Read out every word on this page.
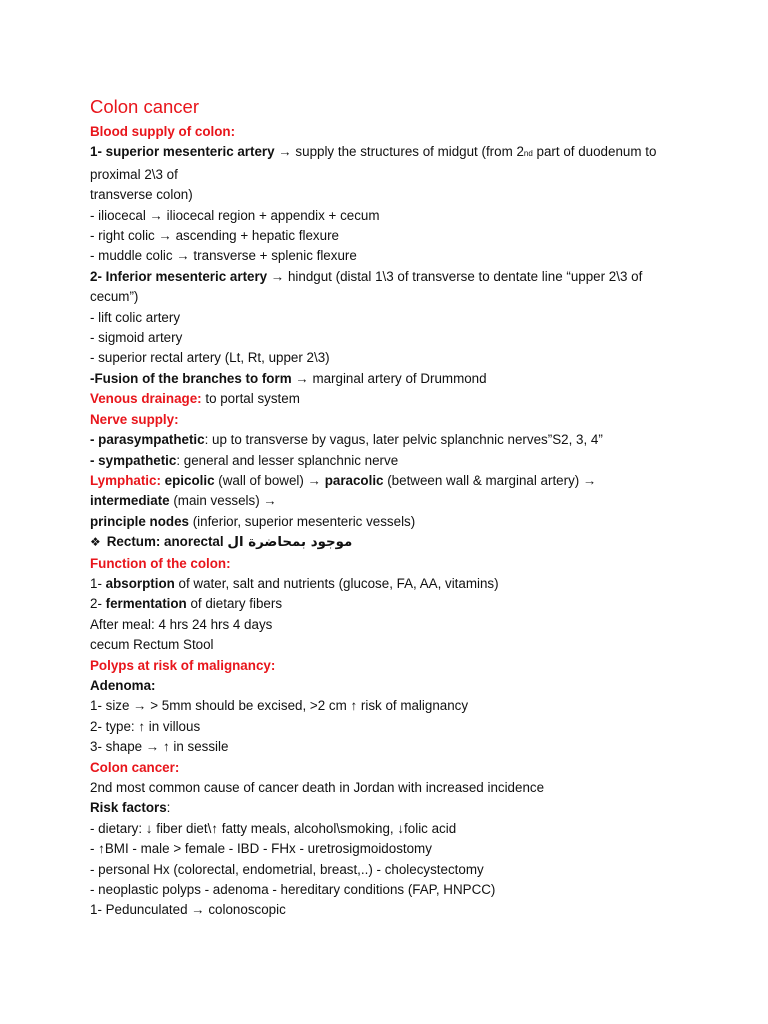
Colon cancer
Blood supply of colon:
1- superior mesenteric artery → supply the structures of midgut (from 2nd part of duodenum to
proximal 2\3 of
transverse colon)
- iliocecal → iliocecal region + appendix + cecum
- right colic → ascending + hepatic flexure
- muddle colic → transverse + splenic flexure
2- Inferior mesenteric artery → hindgut (distal 1\3 of transverse to dentate line “upper 2\3 of
cecum”)
- lift colic artery
- sigmoid artery
- superior rectal artery (Lt, Rt, upper 2\3)
-Fusion of the branches to form → marginal artery of Drummond
Venous drainage: to portal system
Nerve supply:
- parasympathetic: up to transverse by vagus, later pelvic splanchnic nerves”S2, 3, 4”
- sympathetic: general and lesser splanchnic nerve
Lymphatic: epicolic (wall of bowel) → paracolic (between wall & marginal artery) →
intermediate (main vessels) →
principle nodes (inferior, superior mesenteric vessels)
❖ Rectum: anorectal موجود بمحاضرة ال
Function of the colon:
1- absorption of water, salt and nutrients (glucose, FA, AA, vitamins)
2- fermentation of dietary fibers
After meal: 4 hrs 24 hrs 4 days
cecum Rectum Stool
Polyps at risk of malignancy:
Adenoma:
1- size → > 5mm should be excised, >2 cm ↑ risk of malignancy
2- type: ↑ in villous
3- shape → ↑ in sessile
Colon cancer:
2nd most common cause of cancer death in Jordan with increased incidence
Risk factors:
- dietary: ↓ fiber diet\↑ fatty meals, alcohol\smoking, ↓folic acid
- ↑BMI - male > female - IBD - FHx - uretrosigmoidostomy
- personal Hx (colorectal, endometrial, breast,..) - cholecystectomy
- neoplastic polyps - adenoma - hereditary conditions (FAP, HNPCC)
1- Pedunculated → colonoscopic
